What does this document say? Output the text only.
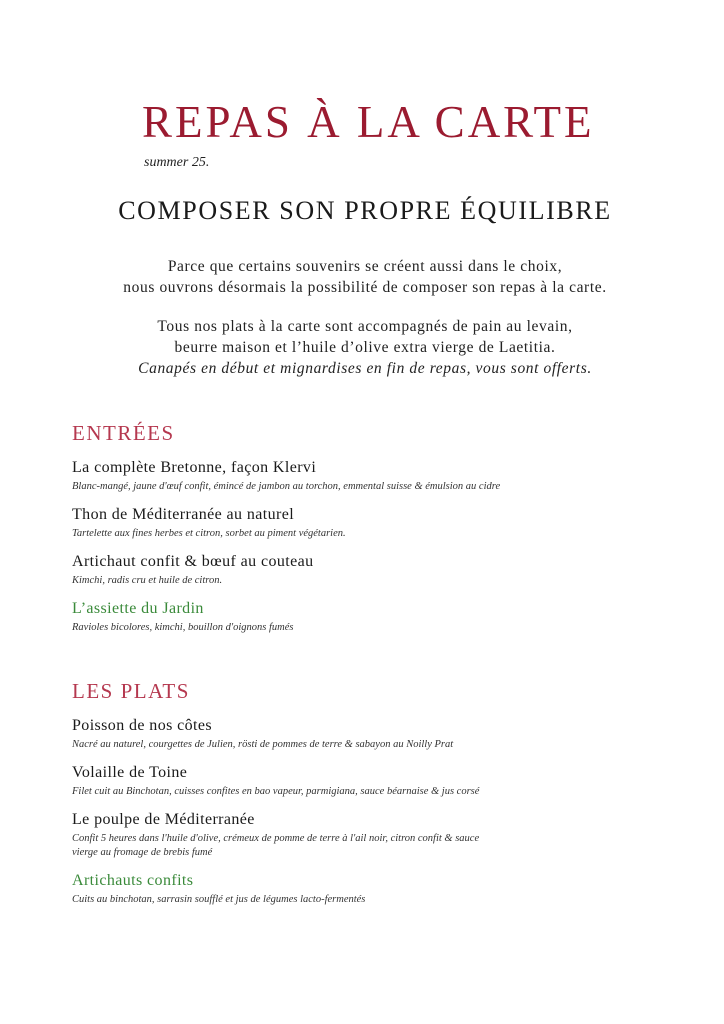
REPAS À LA CARTE
summer 25.
COMPOSER SON PROPRE ÉQUILIBRE

Parce que certains souvenirs se créent aussi dans le choix,

nous ouvrons désormais la possibilité de composer son repas à la carte.

Tous nos plats à la carte sont accompagnés de pain au levain,

beurre maison et l’huile d’olive extra vierge de Laetitia.

Canapés en début et mignardises en fin de repas, vous sont offerts.

ENTRÉES
La complète Bretonne, façon Klervi
Blanc-mangé, jaune d'œuf confit, émincé de jambon au torchon, emmental suisse & émulsion au cidre
Thon de Méditerranée au naturel
Tartelette aux fines herbes et citron, sorbet au piment végétarien.
Artichaut confit & bœuf au couteau
Kimchi, radis cru et huile de citron.
L’assiette du Jardin
Ravioles bicolores, kimchi, bouillon d'oignons fumés
LES PLATS
Poisson de nos côtes
Nacré au naturel, courgettes de Julien, rösti de pommes de terre & sabayon au Noilly Prat
Volaille de Toine
Filet cuit au Binchotan, cuisses confites en bao vapeur, parmigiana, sauce béarnaise & jus corsé
Le poulpe de Méditerranée
Confit 5 heures dans l'huile d'olive, crémeux de pomme de terre à l'ail noir, citron confit & sauce vierge au fromage de brebis fumé
Artichauts confits
Cuits au binchotan, sarrasin soufflé et jus de légumes lacto-fermentés
